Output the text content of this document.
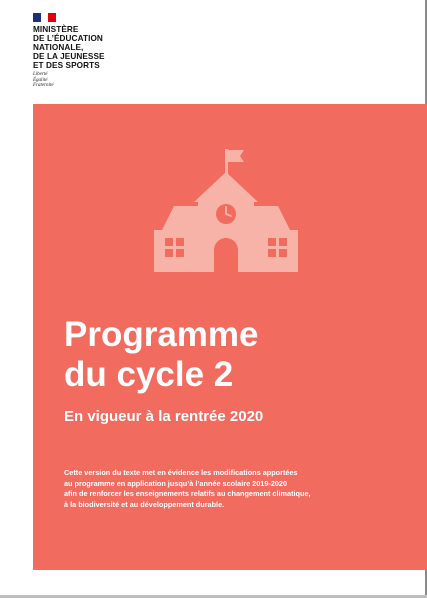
MINISTÈRE
DE L’ÉDUCATION
NATIONALE,
DE LA JEUNESSE
ET DES SPORTS
Liberté
Égalité
Fraternité
Programme
du cycle 2
En vigueur à la rentrée 2020

Cette version du texte met en évidence les modifications apportées
au programme en application jusqu’à l’année scolaire 2019-2020
afin de renforcer les enseignements relatifs au changement climatique,
à la biodiversité et au développement durable.
